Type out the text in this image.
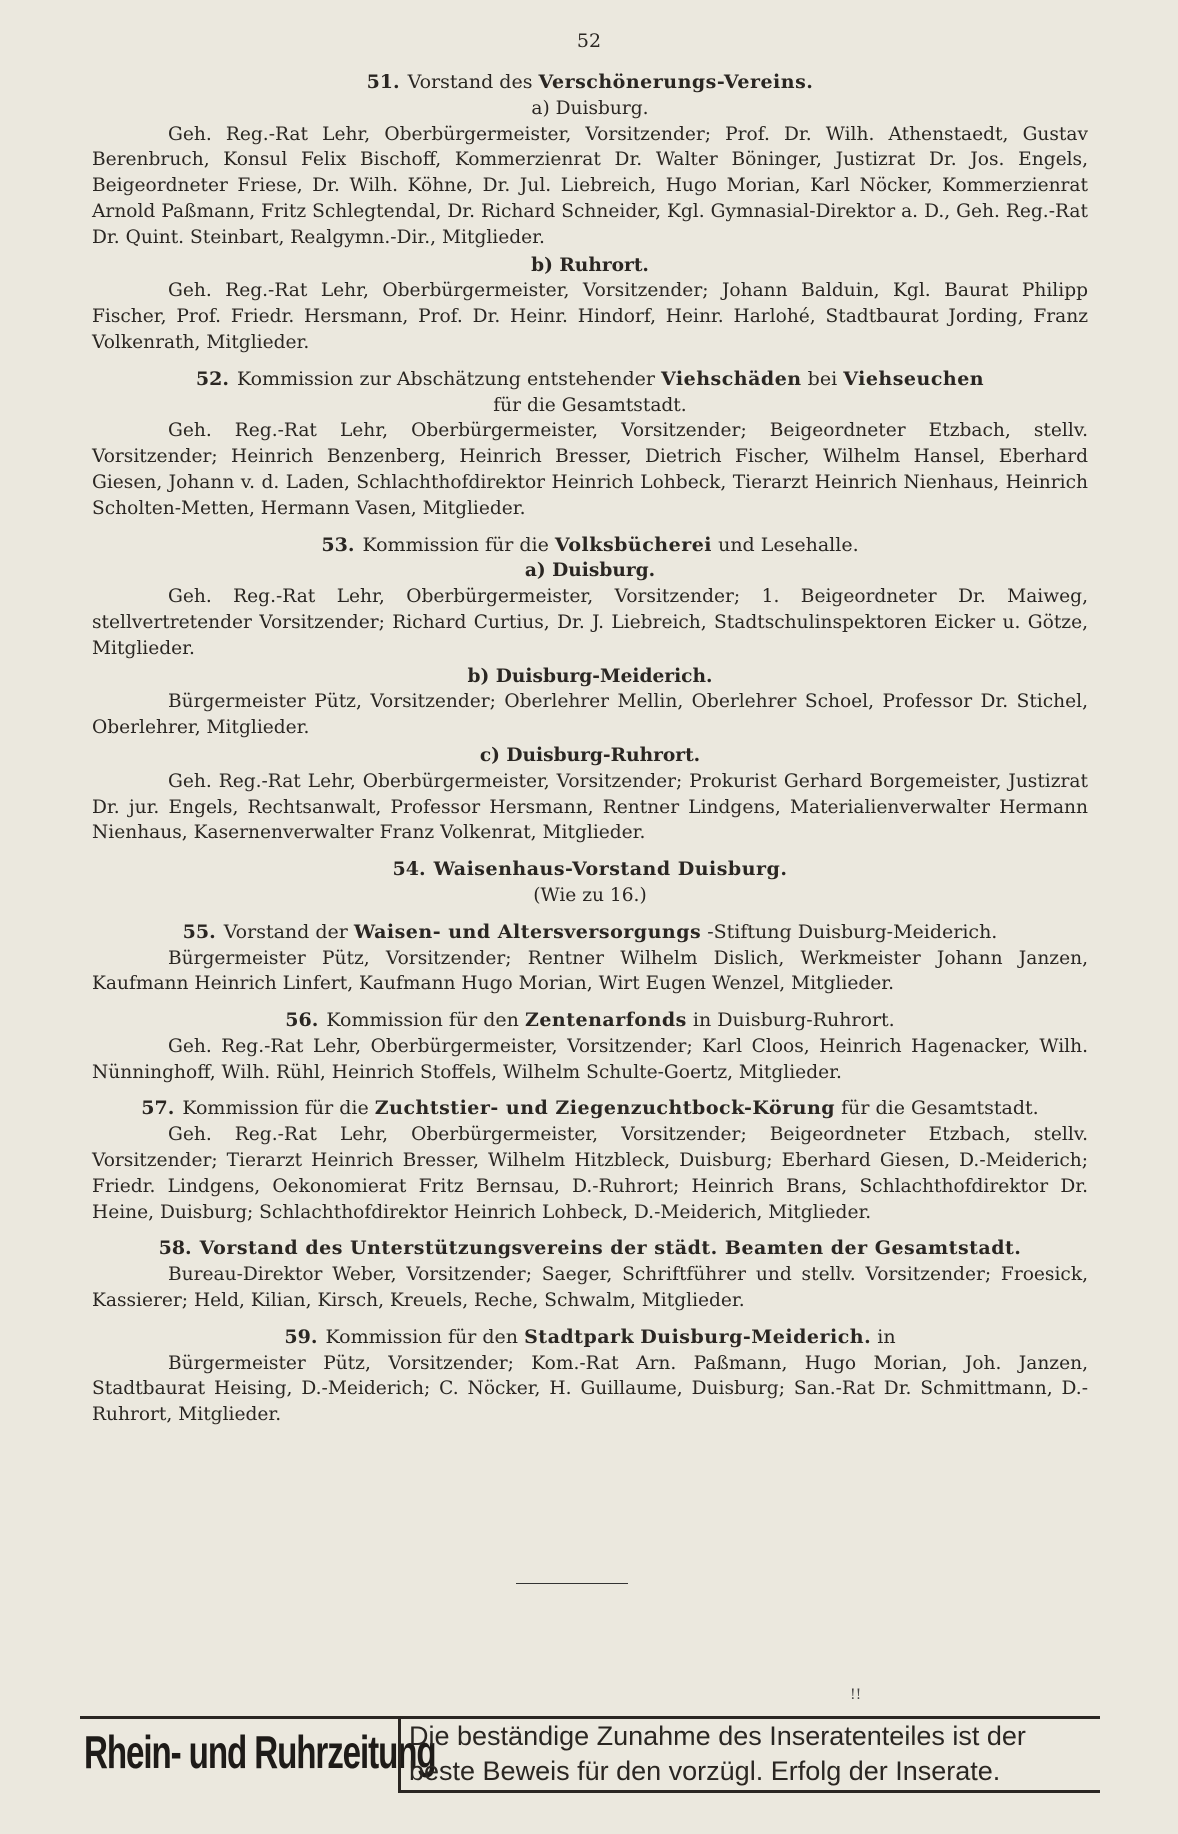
52
51. Vorstand des Verschönerungs-Vereins.
a) Duisburg.

Geh. Reg.-Rat Lehr, Oberbürgermeister, Vorsitzender; Prof. Dr. Wilh. Athenstaedt, Gustav Berenbruch, Konsul Felix Bischoff, Kommerzienrat Dr. Walter Böninger, Justizrat Dr. Jos. Engels, Beigeordneter Friese, Dr. Wilh. Köhne, Dr. Jul. Liebreich, Hugo Morian, Karl Nöcker, Kommerzienrat Arnold Paßmann, Fritz Schlegtendal, Dr. Richard Schneider, Kgl. Gymnasial-Direktor a. D., Geh. Reg.-Rat Dr. Quint. Steinbart, Realgymn.-Dir., Mitglieder.

b) Ruhrort.

Geh. Reg.-Rat Lehr, Oberbürgermeister, Vorsitzender; Johann Balduin, Kgl. Baurat Philipp Fischer, Prof. Friedr. Hersmann, Prof. Dr. Heinr. Hindorf, Heinr. Harlohé, Stadtbaurat Jording, Franz Volkenrath, Mitglieder.

52. Kommission zur Abschätzung entstehender Viehschäden bei Viehseuchen
für die Gesamtstadt.

Geh. Reg.-Rat Lehr, Oberbürgermeister, Vorsitzender; Beigeordneter Etzbach, stellv. Vorsitzender; Heinrich Benzenberg, Heinrich Bresser, Dietrich Fischer, Wilhelm Hansel, Eberhard Giesen, Johann v. d. Laden, Schlachthofdirektor Heinrich Lohbeck, Tierarzt Heinrich Nienhaus, Heinrich Scholten-Metten, Hermann Vasen, Mitglieder.

53. Kommission für die Volksbücherei und Lesehalle.
a) Duisburg.

Geh. Reg.-Rat Lehr, Oberbürgermeister, Vorsitzender; 1. Beigeordneter Dr. Maiweg, stellvertretender Vorsitzender; Richard Curtius, Dr. J. Liebreich, Stadtschulinspektoren Eicker u. Götze, Mitglieder.

b) Duisburg-Meiderich.

Bürgermeister Pütz, Vorsitzender; Oberlehrer Mellin, Oberlehrer Schoel, Professor Dr. Stichel, Oberlehrer, Mitglieder.

c) Duisburg-Ruhrort.

Geh. Reg.-Rat Lehr, Oberbürgermeister, Vorsitzender; Prokurist Gerhard Borgemeister, Justizrat Dr. jur. Engels, Rechtsanwalt, Professor Hersmann, Rentner Lindgens, Materialienverwalter Hermann Nienhaus, Kasernenverwalter Franz Volkenrat, Mitglieder.

54. Waisenhaus-Vorstand Duisburg.
(Wie zu 16.)
55. Vorstand der Waisen- und Altersversorgungs -Stiftung Duisburg-Meiderich.

Bürgermeister Pütz, Vorsitzender; Rentner Wilhelm Dislich, Werkmeister Johann Janzen, Kaufmann Heinrich Linfert, Kaufmann Hugo Morian, Wirt Eugen Wenzel, Mitglieder.

56. Kommission für den Zentenarfonds in Duisburg-Ruhrort.

Geh. Reg.-Rat Lehr, Oberbürgermeister, Vorsitzender; Karl Cloos, Heinrich Hagenacker, Wilh. Nünninghoff, Wilh. Rühl, Heinrich Stoffels, Wilhelm Schulte-Goertz, Mitglieder.

57. Kommission für die Zuchtstier- und Ziegenzuchtbock-Körung für die Gesamtstadt.

Geh. Reg.-Rat Lehr, Oberbürgermeister, Vorsitzender; Beigeordneter Etzbach, stellv. Vorsitzender; Tierarzt Heinrich Bresser, Wilhelm Hitzbleck, Duisburg; Eberhard Giesen, D.-Meiderich; Friedr. Lindgens, Oekonomierat Fritz Bernsau, D.-Ruhrort; Heinrich Brans, Schlachthofdirektor Dr. Heine, Duisburg; Schlachthofdirektor Heinrich Lohbeck, D.-Meiderich, Mitglieder.

58. Vorstand des Unterstützungsvereins der städt. Beamten der Gesamtstadt.

Bureau-Direktor Weber, Vorsitzender; Saeger, Schriftführer und stellv. Vorsitzender; Froesick, Kassierer; Held, Kilian, Kirsch, Kreuels, Reche, Schwalm, Mitglieder.

59. Kommission für den Stadtpark Duisburg-Meiderich. in

Bürgermeister Pütz, Vorsitzender; Kom.-Rat Arn. Paßmann, Hugo Morian, Joh. Janzen, Stadtbaurat Heising, D.-Meiderich; C. Nöcker, H. Guillaume, Duisburg; San.-Rat Dr. Schmittmann, D.-Ruhrort, Mitglieder.

!!
Rhein- und Ruhrzeitung
Die beständige Zunahme des Inseratenteiles ist der
beste Beweis für den vorzügl. Erfolg der Inserate.
